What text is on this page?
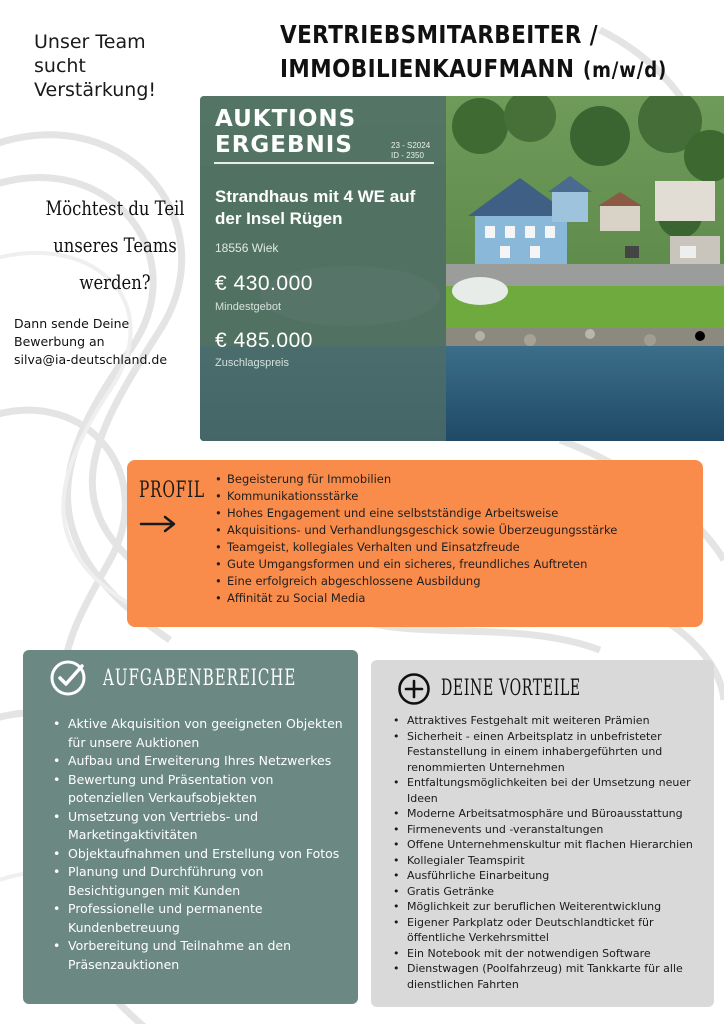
Unser Team
sucht
Verstärkung!
VERTRIEBSMITARBEITER /
IMMOBILIENKAUFMANN (m/w/d)
Möchtest du Teil
unseres Teams
werden?
Dann sende Deine Bewerbung an
silva@ia-deutschland.de
AUKTIONS
ERGEBNIS	23 - S2024
ID - 2350
Strandhaus mit 4 WE auf der Insel Rügen
18556 Wiek
€ 430.000
Mindestgebot
€ 485.000
Zuschlagspreis
PROFIL
•	Begeisterung für Immobilien
• Kommunikationsstärke
• Hohes Engagement und eine selbstständige Arbeitsweise
• Akquisitions- und Verhandlungsgeschick sowie Überzeugungsstärke
• Teamgeist, kollegiales Verhalten und Einsatzfreude
• Gute Umgangsformen und ein sicheres, freundliches Auftreten
• Eine erfolgreich abgeschlossene Ausbildung
• Affinität zu Social Media
AUFGABENBEREICHE
• Aktive Akquisition von geeigneten Objekten für unsere Auktionen
• Aufbau und Erweiterung Ihres Netzwerkes
• Bewertung und Präsentation von potenziellen Verkaufsobjekten
• Umsetzung von Vertriebs- und Marketingaktivitäten
• Objektaufnahmen und Erstellung von Fotos
• Planung und Durchführung von Besichtigungen mit Kunden
• Professionelle und permanente Kundenbetreuung
• Vorbereitung und Teilnahme an den Präsenzauktionen
DEINE VORTEILE
• Attraktives Festgehalt mit weiteren Prämien
• Sicherheit - einen Arbeitsplatz in unbefristeter Festanstellung in einem inhabergeführten und renommierten Unternehmen
• Entfaltungsmöglichkeiten bei der Umsetzung neuer Ideen
• Moderne Arbeitsatmosphäre und Büroausstattung
• Firmenevents und -veranstaltungen
• Offene Unternehmenskultur mit flachen Hierarchien
• Kollegialer Teamspirit
• Ausführliche Einarbeitung
• Gratis Getränke
• Möglichkeit zur beruflichen Weiterentwicklung
• Eigener Parkplatz oder Deutschlandticket für öffentliche Verkehrsmittel
• Ein Notebook mit der notwendigen Software
• Dienstwagen (Poolfahrzeug) mit Tankkarte für alle dienstlichen Fahrten
